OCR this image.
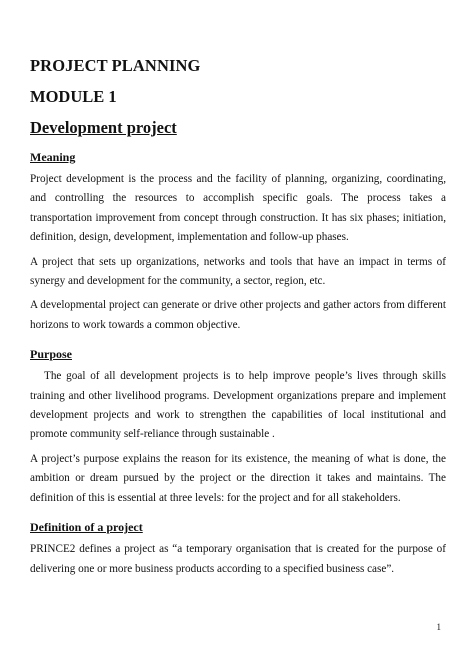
PROJECT PLANNING
MODULE 1
Development project
Meaning

Project development is the process and the facility of planning, organizing, coordinating, and controlling the resources to accomplish specific goals. The process takes a transportation improvement from concept through construction. It has six phases; initiation, definition, design, development, implementation and follow-up phases.

A project that sets up organizations, networks and tools that have an impact in terms of synergy and development for the community, a sector, region, etc.

A developmental project can generate or drive other projects and gather actors from different horizons to work towards a common objective.

Purpose

The goal of all development projects is to help improve people’s lives through skills training and other livelihood programs. Development organizations prepare and implement development projects and work to strengthen the capabilities of local institutional and promote community self-reliance through sustainable .

A project’s purpose explains the reason for its existence, the meaning of what is done, the ambition or dream pursued by the project or the direction it takes and maintains. The definition of this is essential at three levels: for the project and for all stakeholders.

Definition of a project

PRINCE2 defines a project as “a temporary organisation that is created for the purpose of delivering one or more business products according to a specified business case”.

1
